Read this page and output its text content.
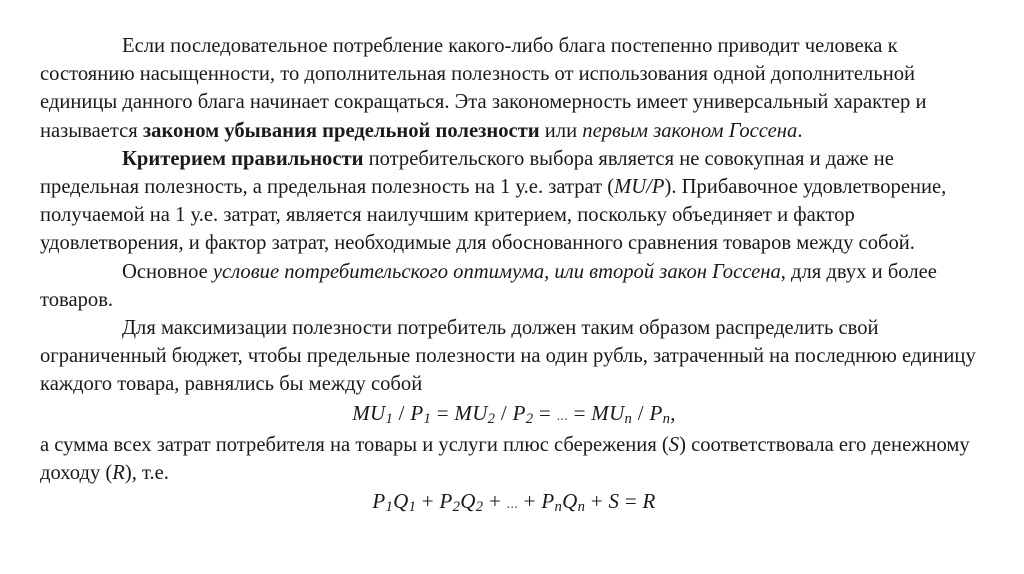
Если последовательное потребление какого-либо блага постепенно приводит человека к состоянию насыщенности, то дополнительная полезность от использования одной дополнительной единицы данного блага начинает сокращаться. Эта закономерность имеет универсальный характер и называется законом убывания предельной полезности или первым законом Госсена.

Критерием правильности потребительского выбора является не совокупная и даже не предельная полезность, а предельная полезность на 1 у.е. затрат (MU/P). Прибавочное удовлетворение, получаемой на 1 у.е. затрат, является наилучшим критерием, поскольку объединяет и фактор удовлетворения, и фактор затрат, необходимые для обоснованного сравнения товаров между собой.

Основное условие потребительского оптимума, или второй закон Госсена, для двух и более товаров.

Для максимизации полезности потребитель должен таким образом распределить свой ограниченный бюджет, чтобы предельные полезности на один рубль, затраченный на последнюю единицу каждого товара, равнялись бы между собой

$MU_1 / P_1 = MU_2 / P_2$ = ... = $MU_n / P_n$,

а сумма всех затрат потребителя на товары и услуги плюс сбережения (S) соответствовала его денежному доходу (R), т.е.

$P_1Q_1 + P_2Q_2$ + ... + $P_nQ_n + S = R$
